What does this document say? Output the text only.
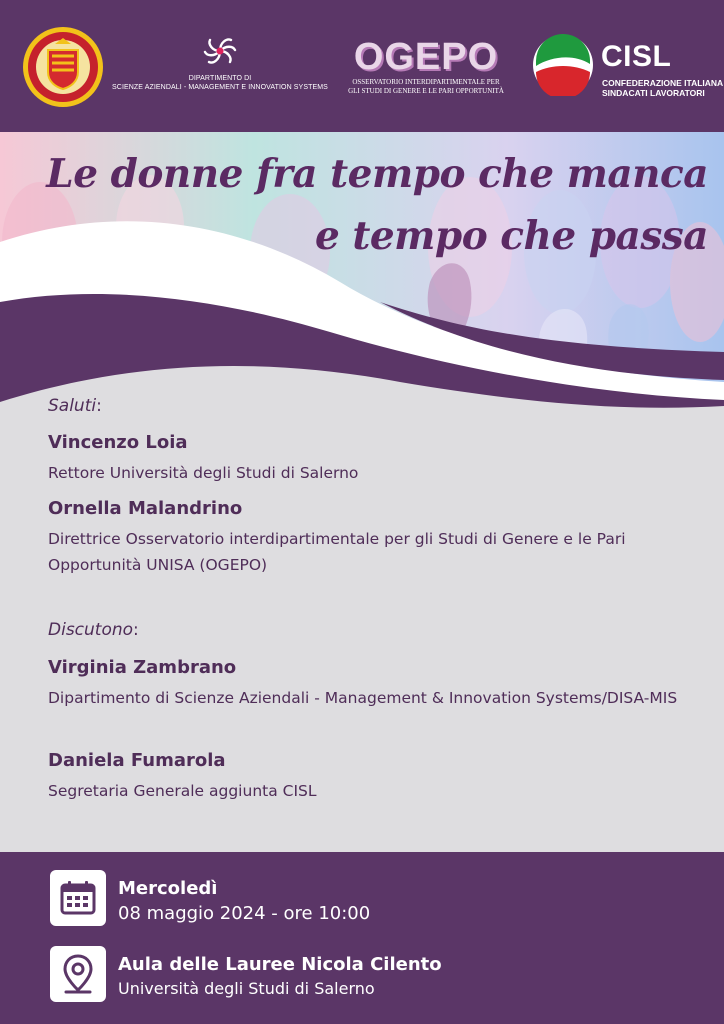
DIPARTIMENTO DI
SCIENZE AZIENDALI - MANAGEMENT E INNOVATION SYSTEMS
OGEPO
OSSERVATORIO INTERDIPARTIMENTALE PER
GLI STUDI DI GENERE E LE PARI OPPORTUNITÀ
CISL
CONFEDERAZIONE ITALIANA
SINDACATI LAVORATORI
Le donne fra tempo che manca
e tempo che passa
Saluti:
Vincenzo Loia
Rettore Università degli Studi di Salerno
Ornella Malandrino
Direttrice Osservatorio interdipartimentale per gli Studi di Genere e le Pari Opportunità UNISA (OGEPO)
Discutono:
Virginia Zambrano
Dipartimento di Scienze Aziendali - Management & Innovation Systems/DISA-MIS
Daniela Fumarola
Segretaria Generale aggiunta CISL
Mercoledì
08 maggio 2024 - ore 10:00
Aula delle Lauree Nicola Cilento
Università degli Studi di Salerno
